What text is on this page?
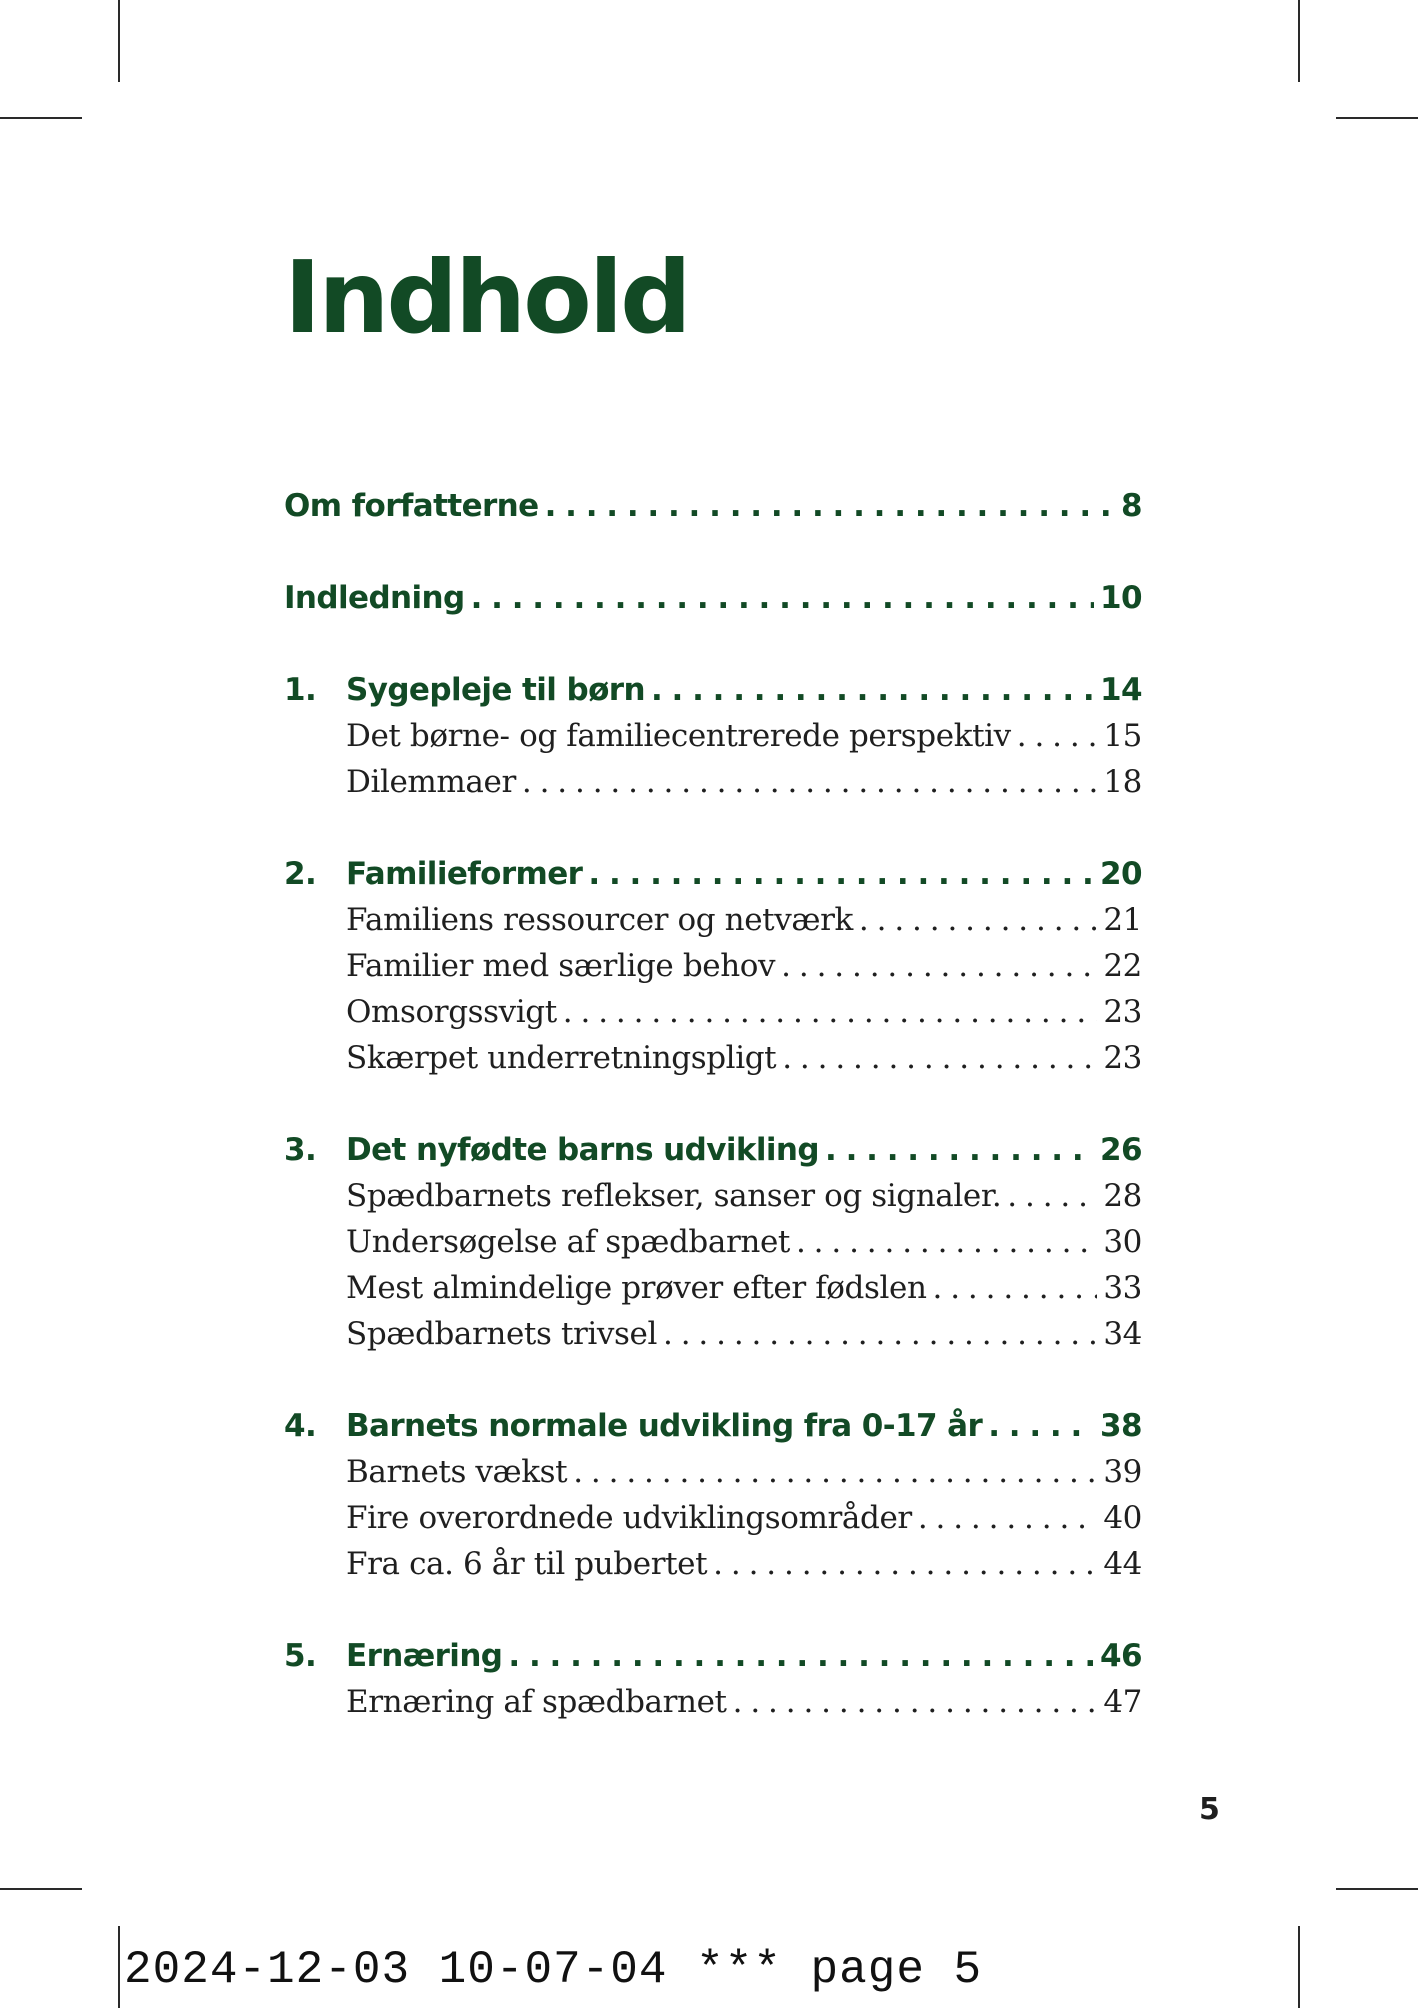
Indhold
Om forfatterne . . .	8
Indledning . . .	10
1. Sygepleje til børn . . .	14
Det børne- og familiecentrerede perspektiv . . .	15
Dilemmaer . . .	18
2. Familieformer . . .	20
Familiens ressourcer og netværk . . .	21
Familier med særlige behov . . .	22
Omsorgssvigt . . .	23
Skærpet underretningspligt . . .	23
3. Det nyfødte barns udvikling . . .	26
Spædbarnets reflekser, sanser og signaler. . . .	28
Undersøgelse af spædbarnet . . .	30
Mest almindelige prøver efter fødslen . . .	33
Spædbarnets trivsel . . .	34
4. Barnets normale udvikling fra 0-17 år . . .	38
Barnets vækst . . .	39
Fire overordnede udviklingsområder . . .	40
Fra ca. 6 år til pubertet . . .	44
5. Ernæring . . .	46
Ernæring af spædbarnet . . .	47
5
2024-12-03 10-07-04 *** page 5
